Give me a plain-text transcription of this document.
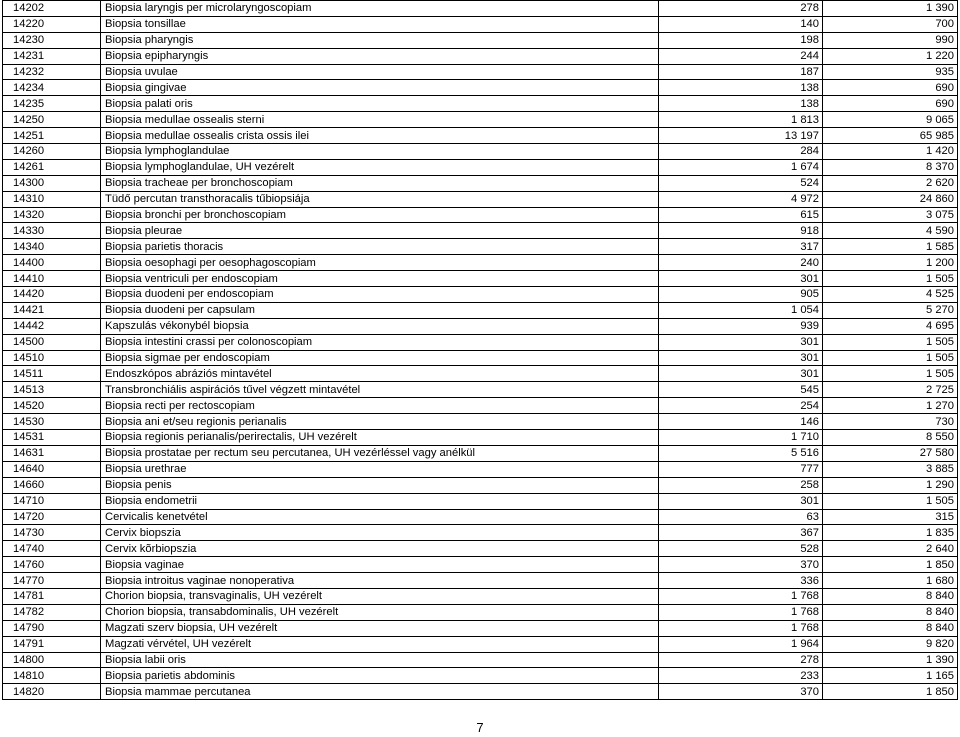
14202	Biopsia laryngis per microlaryngoscopiam	278	1 390
14220	Biopsia tonsillae	140	700
14230	Biopsia pharyngis	198	990
14231	Biopsia epipharyngis	244	1 220
14232	Biopsia uvulae	187	935
14234	Biopsia gingivae	138	690
14235	Biopsia palati oris	138	690
14250	Biopsia medullae ossealis sterni	1 813	9 065
14251	Biopsia medullae ossealis crista ossis ilei	13 197	65 985
14260	Biopsia lymphoglandulae	284	1 420
14261	Biopsia lymphoglandulae, UH vezérelt	1 674	8 370
14300	Biopsia tracheae per bronchoscopiam	524	2 620
14310	Tüdő percutan transthoracalis tűbiopsiája	4 972	24 860
14320	Biopsia bronchi per bronchoscopiam	615	3 075
14330	Biopsia pleurae	918	4 590
14340	Biopsia parietis thoracis	317	1 585
14400	Biopsia oesophagi per oesophagoscopiam	240	1 200
14410	Biopsia ventriculi per endoscopiam	301	1 505
14420	Biopsia duodeni per endoscopiam	905	4 525
14421	Biopsia duodeni per capsulam	1 054	5 270
14442	Kapszulás vékonybél biopsia	939	4 695
14500	Biopsia intestini crassi per colonoscopiam	301	1 505
14510	Biopsia sigmae per endoscopiam	301	1 505
14511	Endoszkópos abráziós mintavétel	301	1 505
14513	Transbronchiális aspirációs tűvel végzett mintavétel	545	2 725
14520	Biopsia recti per rectoscopiam	254	1 270
14530	Biopsia ani et/seu regionis perianalis	146	730
14531	Biopsia regionis perianalis/perirectalis, UH vezérelt	1 710	8 550
14631	Biopsia prostatae per rectum seu percutanea, UH vezérléssel vagy anélkül	5 516	27 580
14640	Biopsia urethrae	777	3 885
14660	Biopsia penis	258	1 290
14710	Biopsia endometrii	301	1 505
14720	Cervicalis kenetvétel	63	315
14730	Cervix biopszia	367	1 835
14740	Cervix kõrbiopszia	528	2 640
14760	Biopsia vaginae	370	1 850
14770	Biopsia introitus vaginae nonoperativa	336	1 680
14781	Chorion biopsia, transvaginalis, UH vezérelt	1 768	8 840
14782	Chorion biopsia, transabdominalis, UH vezérelt	1 768	8 840
14790	Magzati szerv biopsia, UH vezérelt	1 768	8 840
14791	Magzati vérvétel, UH vezérelt	1 964	9 820
14800	Biopsia labii oris	278	1 390
14810	Biopsia parietis abdominis	233	1 165
14820	Biopsia mammae percutanea	370	1 850
7
